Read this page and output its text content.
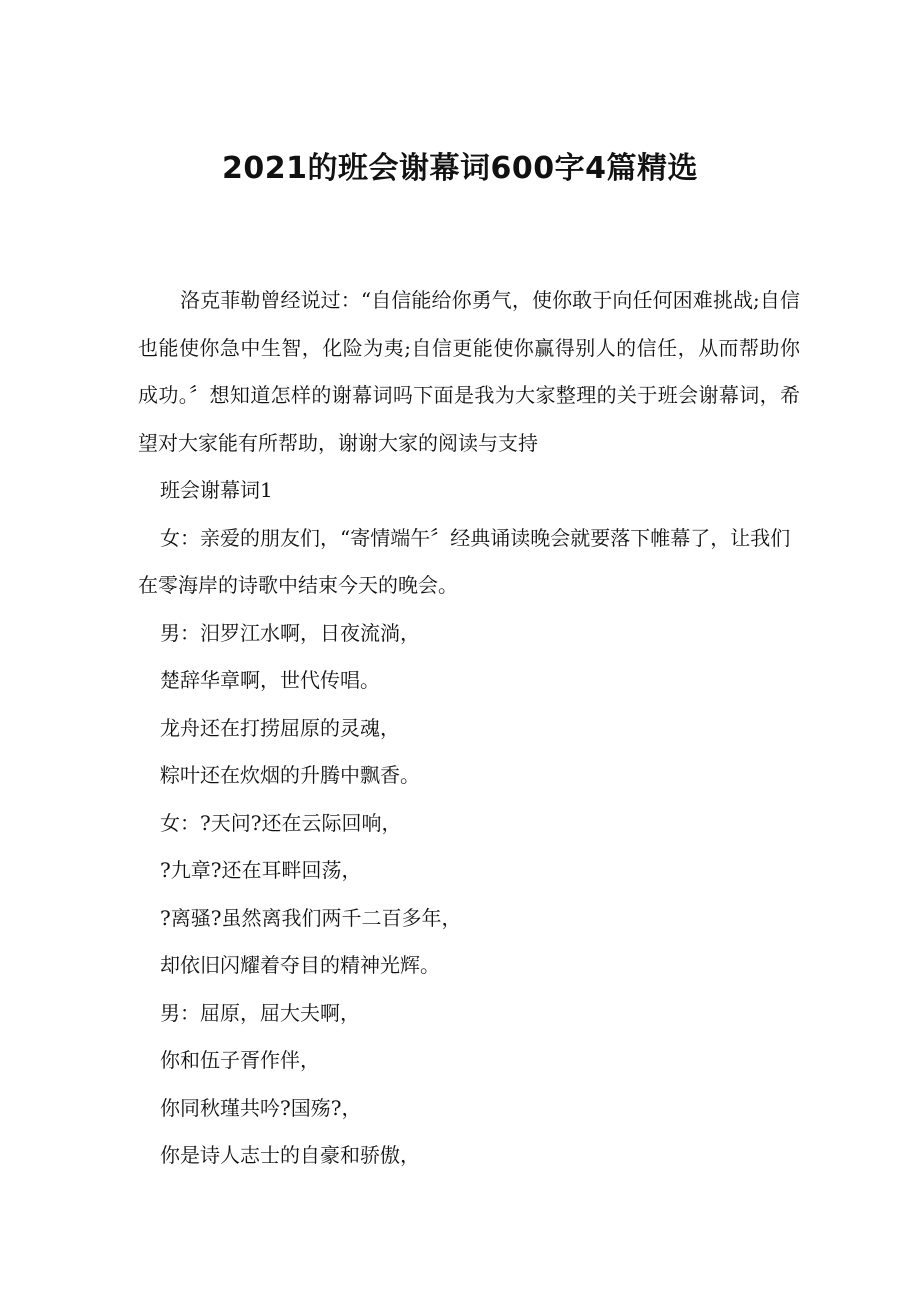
2021的班会谢幕词600字4篇精选

洛克菲勒曾经说过：“自信能给你勇气，使你敢于向任何困难挑战;自信也能使你急中生智，化险为夷;自信更能使你赢得别人的信任，从而帮助你成功。〞想知道怎样的谢幕词吗下面是我为大家整理的关于班会谢幕词，希望对大家能有所帮助，谢谢大家的阅读与支持

班会谢幕词1

女：亲爱的朋友们，“寄情端午〞经典诵读晚会就要落下帷幕了，让我们在零海岸的诗歌中结束今天的晚会。

男：汨罗江水啊，日夜流淌，

楚辞华章啊，世代传唱。

龙舟还在打捞屈原的灵魂，

粽叶还在炊烟的升腾中飘香。

女：?天问?还在云际回响，

?九章?还在耳畔回荡，

?离骚?虽然离我们两千二百多年，

却依旧闪耀着夺目的精神光辉。

男：屈原，屈大夫啊，

你和伍子胥作伴，

你同秋瑾共吟?国殇?，

你是诗人志士的自豪和骄傲，
